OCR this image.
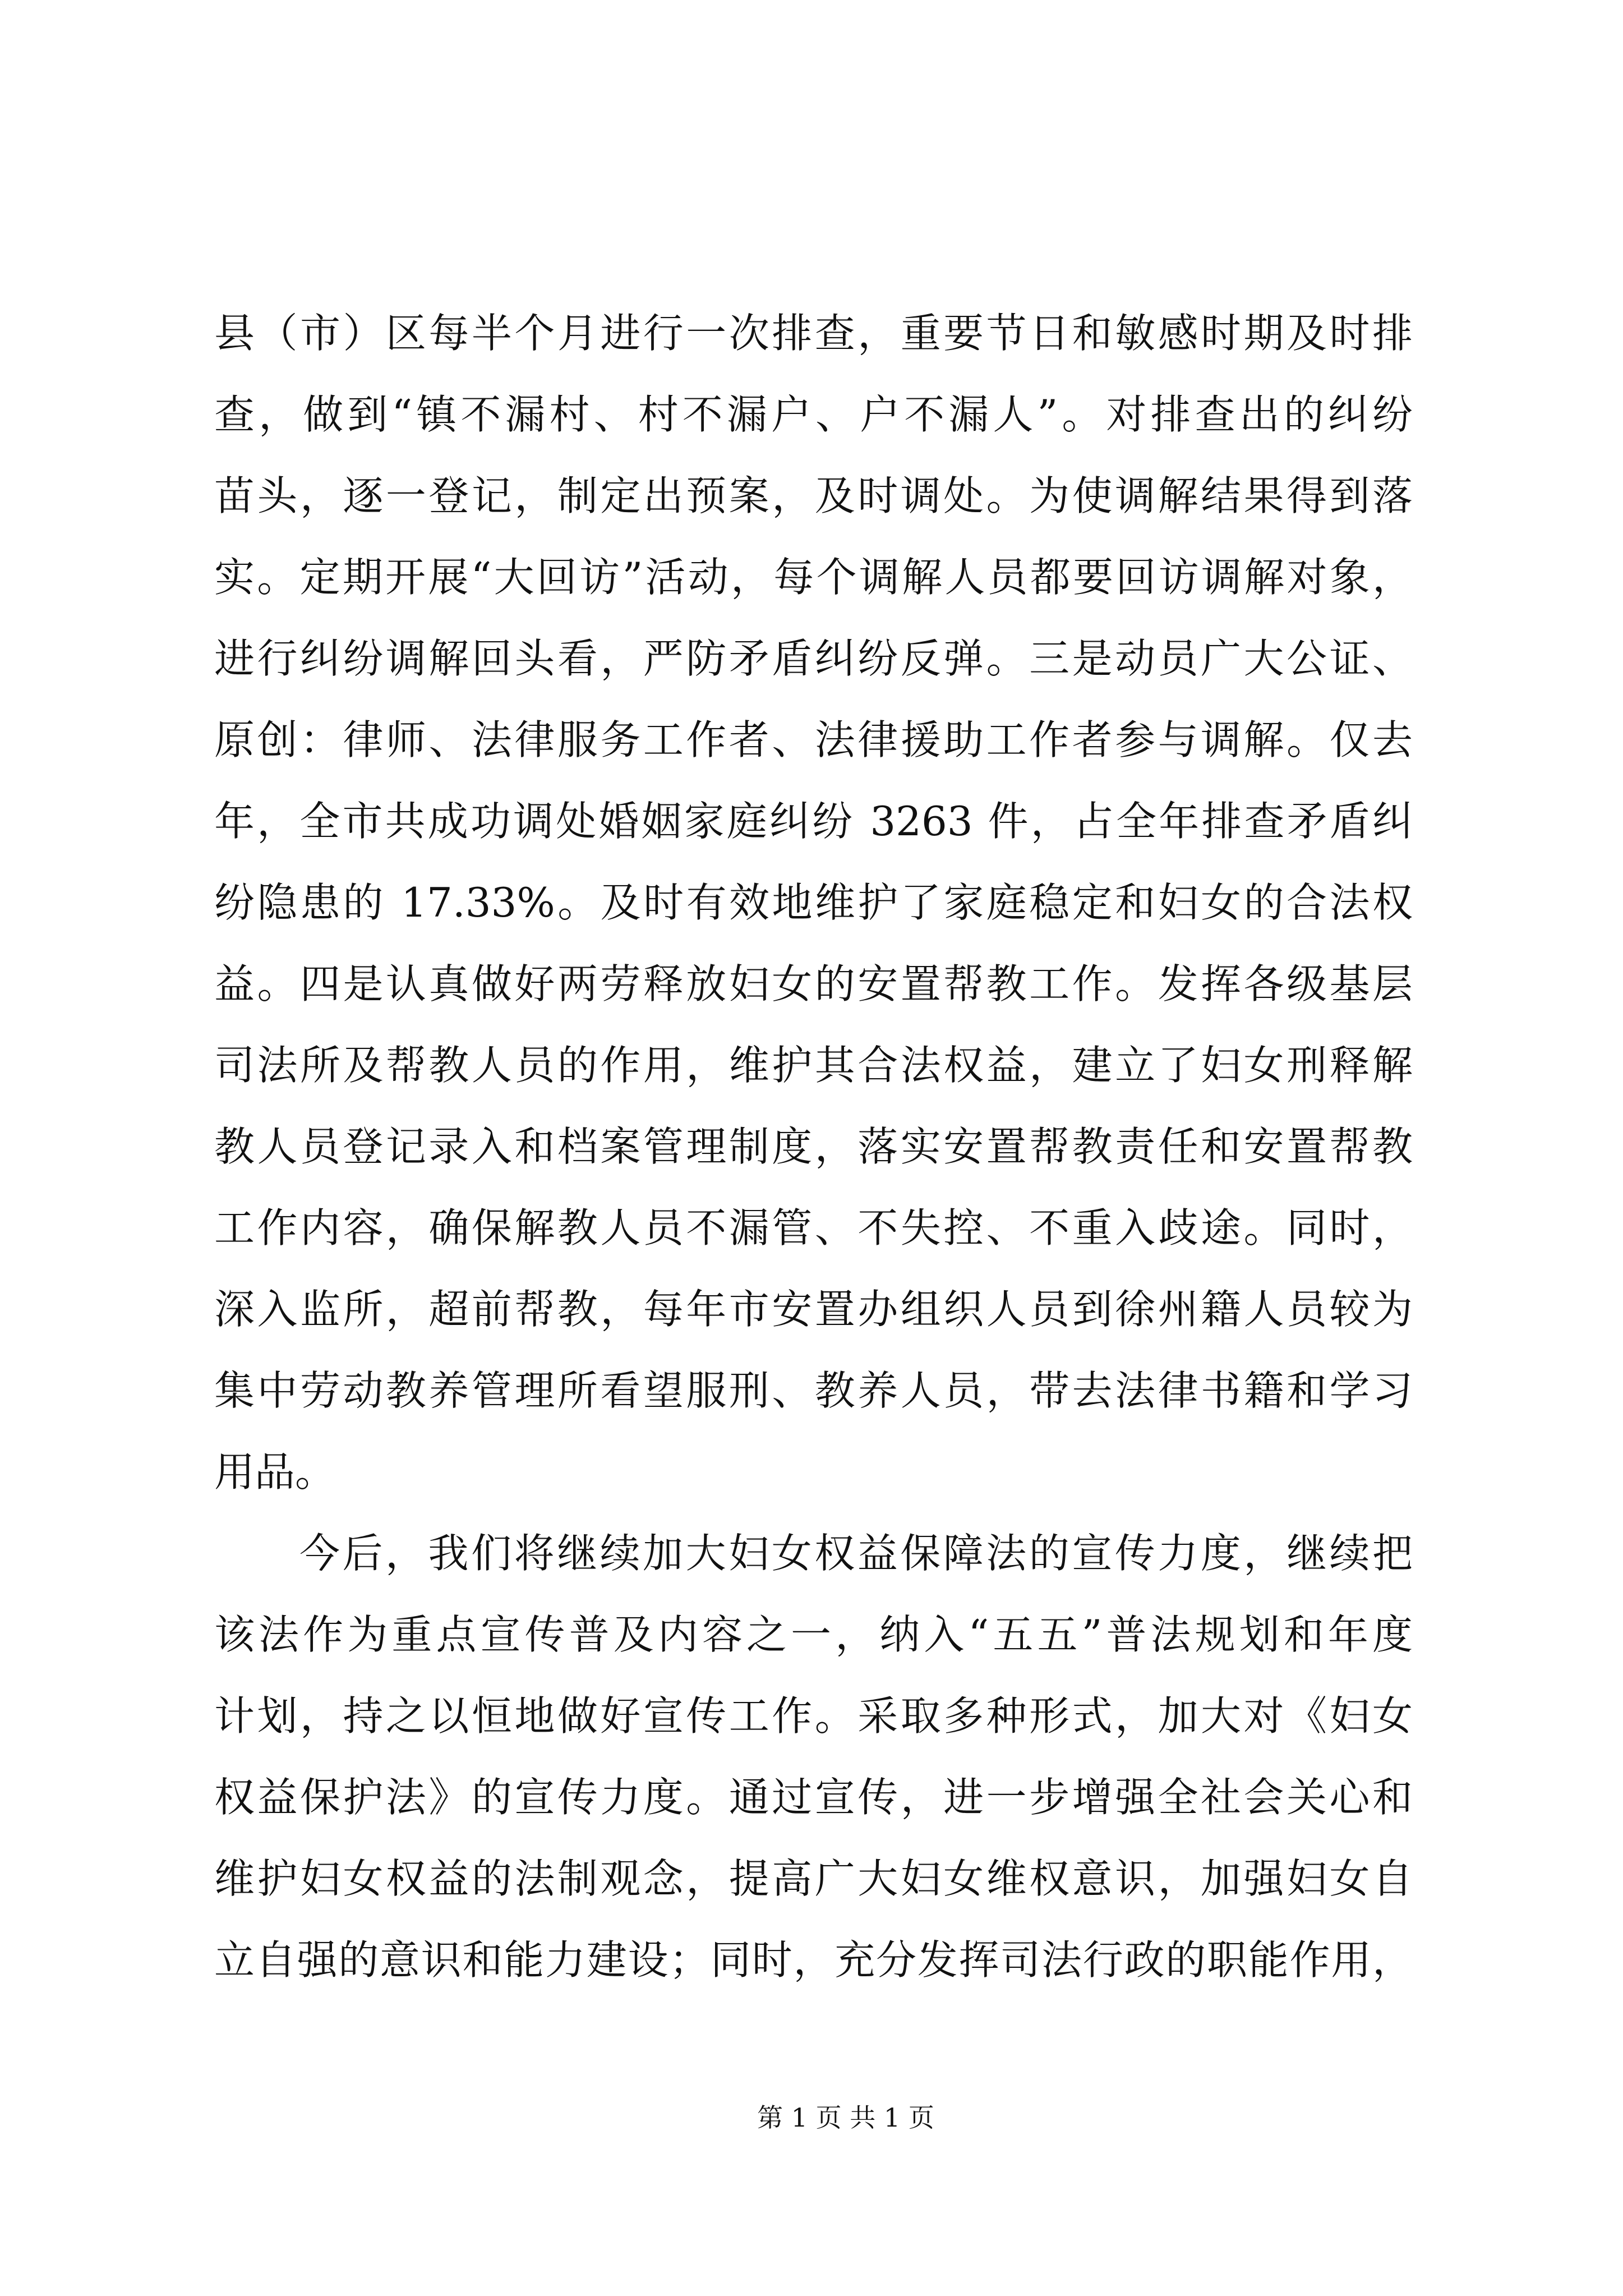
县（市）区每半个月进行一次排查，重要节日和敏感时期及时排
查，做到“镇不漏村、村不漏户、户不漏人”。对排查出的纠纷
苗头，逐一登记，制定出预案，及时调处。为使调解结果得到落
实。定期开展“大回访”活动，每个调解人员都要回访调解对象，
进行纠纷调解回头看，严防矛盾纠纷反弹。三是动员广大公证、
原创：律师、法律服务工作者、法律援助工作者参与调解。仅去
年，全市共成功调处婚姻家庭纠纷 3263 件，占全年排查矛盾纠
纷隐患的 17.33%。及时有效地维护了家庭稳定和妇女的合法权
益。四是认真做好两劳释放妇女的安置帮教工作。发挥各级基层
司法所及帮教人员的作用，维护其合法权益，建立了妇女刑释解
教人员登记录入和档案管理制度，落实安置帮教责任和安置帮教
工作内容，确保解教人员不漏管、不失控、不重入歧途。同时，
深入监所，超前帮教，每年市安置办组织人员到徐州籍人员较为
集中劳动教养管理所看望服刑、教养人员，带去法律书籍和学习
用品。
今后，我们将继续加大妇女权益保障法的宣传力度，继续把
该法作为重点宣传普及内容之一，纳入“五五”普法规划和年度
计划，持之以恒地做好宣传工作。采取多种形式，加大对《妇女
权益保护法》的宣传力度。通过宣传，进一步增强全社会关心和
维护妇女权益的法制观念，提高广大妇女维权意识，加强妇女自
立自强的意识和能力建设；同时，充分发挥司法行政的职能作用，
第 1 页 共 1 页
